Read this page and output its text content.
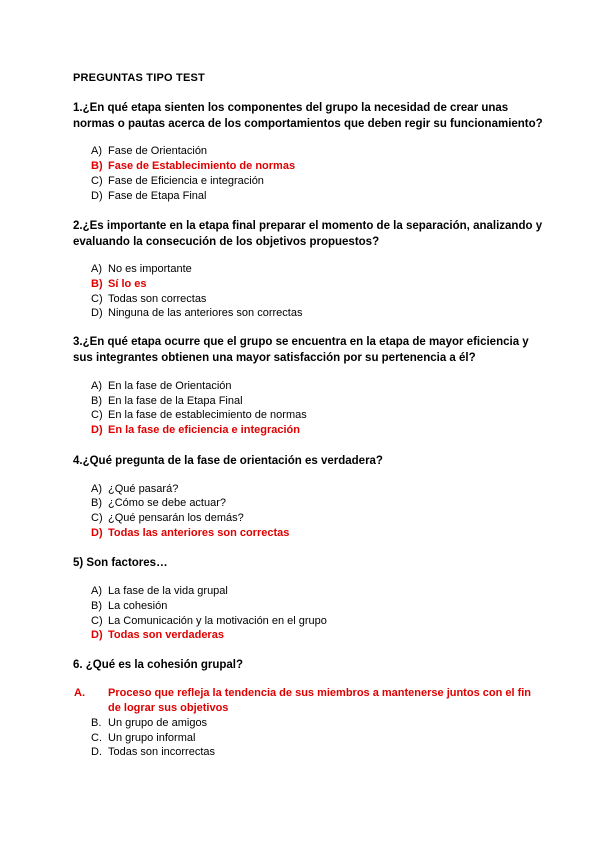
PREGUNTAS TIPO TEST
1.¿En qué etapa sienten los componentes del grupo la necesidad de crear unas normas o pautas acerca de los comportamientos que deben regir su funcionamiento?
A) Fase de Orientación
B) Fase de Establecimiento de normas
C) Fase de Eficiencia e integración
D) Fase de Etapa Final
2.¿Es importante en la etapa final preparar el momento de la separación, analizando y evaluando la consecución de los objetivos propuestos?
A) No es importante
B) Sí lo es
C) Todas son correctas
D) Ninguna de las anteriores son correctas
3.¿En qué etapa ocurre que el grupo se encuentra en la etapa de mayor eficiencia y sus integrantes obtienen una mayor satisfacción por su pertenencia a él?
A) En la fase de Orientación
B) En la fase de la Etapa Final
C) En la fase de establecimiento de normas
D) En la fase de eficiencia e integración
4.¿Qué pregunta de la fase de orientación es verdadera?
A) ¿Qué pasará?
B) ¿Cómo se debe actuar?
C) ¿Qué pensarán los demás?
D) Todas las anteriores son correctas
5) Son factores…
A) La fase de la vida grupal
B) La cohesión
C) La Comunicación y la motivación en el grupo
D) Todas son verdaderas
6. ¿Qué es la cohesión grupal?
A. Proceso que refleja la tendencia de sus miembros a mantenerse juntos con el fin de lograr sus objetivos
B. Un grupo de amigos
C. Un grupo informal
D. Todas son incorrectas
